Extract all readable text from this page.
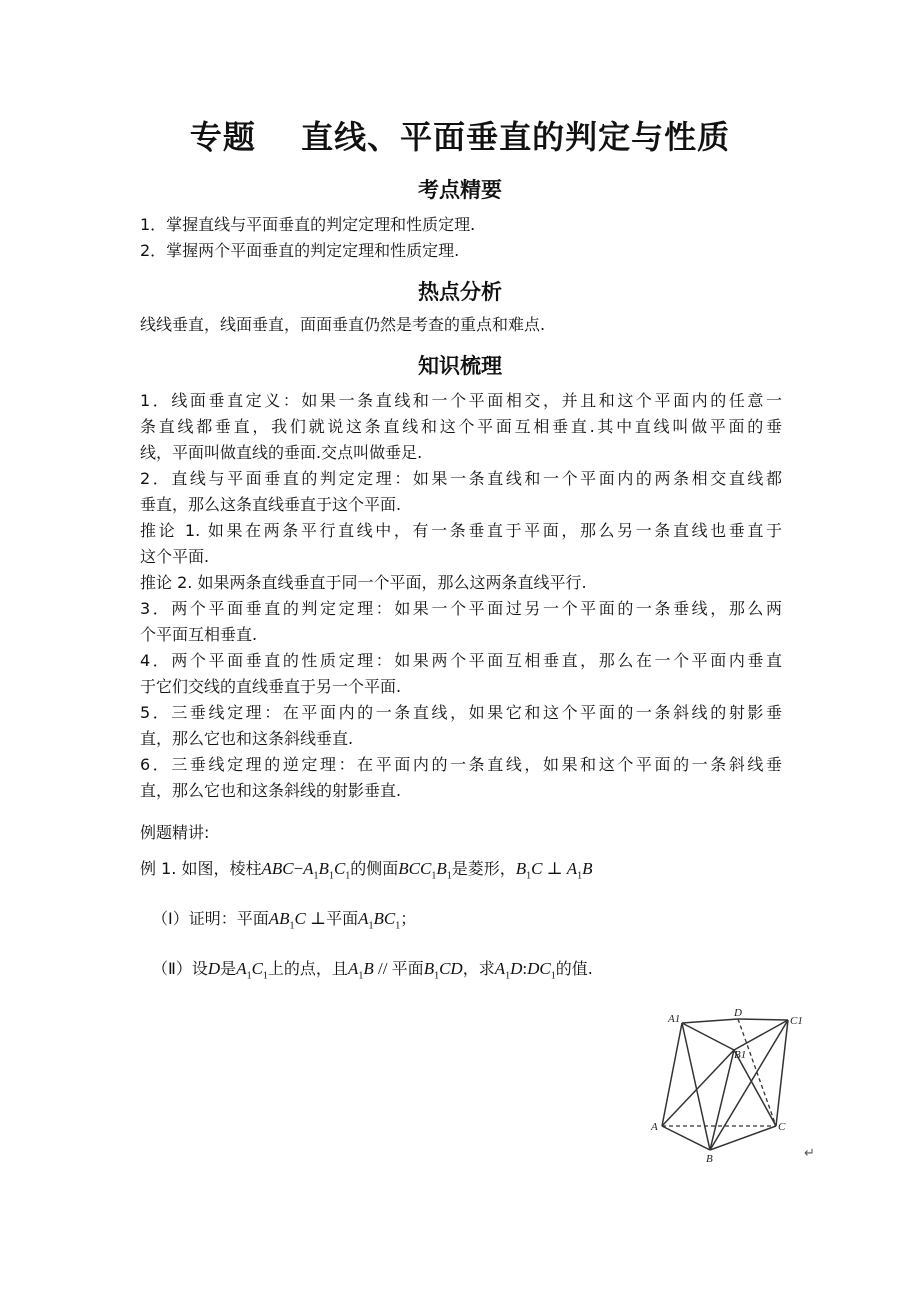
专题　 直线、平面垂直的判定与性质
考点精要
1．掌握直线与平面垂直的判定定理和性质定理.
2．掌握两个平面垂直的判定定理和性质定理.
热点分析
线线垂直，线面垂直，面面垂直仍然是考查的重点和难点.
知识梳理
1．线面垂直定义：如果一条直线和一个平面相交，并且和这个平面内的任意一
条直线都垂直，我们就说这条直线和这个平面互相垂直.其中直线叫做平面的垂
线，平面叫做直线的垂面.交点叫做垂足.
2．直线与平面垂直的判定定理：如果一条直线和一个平面内的两条相交直线都
垂直，那么这条直线垂直于这个平面.
推论 1. 如果在两条平行直线中，有一条垂直于平面，那么另一条直线也垂直于
这个平面.
推论 2. 如果两条直线垂直于同一个平面，那么这两条直线平行.
3．两个平面垂直的判定定理：如果一个平面过另一个平面的一条垂线，那么两
个平面互相垂直.
4．两个平面垂直的性质定理：如果两个平面互相垂直，那么在一个平面内垂直
于它们交线的直线垂直于另一个平面.
5．三垂线定理：在平面内的一条直线，如果它和这个平面的一条斜线的射影垂
直，那么它也和这条斜线垂直.
6．三垂线定理的逆定理：在平面内的一条直线，如果和这个平面的一条斜线垂
直，那么它也和这条斜线的射影垂直.
例题精讲:
例 1. 如图，棱柱$ABC-A_1B_1C_1$的侧面$BCC_1B_1$是菱形，$B_1C$ ⊥ $A_1B$
（Ⅰ）证明：平面$AB_1C$ ⊥平面$A_1BC_1$；
（Ⅱ）设D是$A_1C_1$上的点，且$A_1B$ // 平面$B_1CD$，求$A_1D:DC_1$的值.
A1	D
C1
B1
A	C
B	↵
